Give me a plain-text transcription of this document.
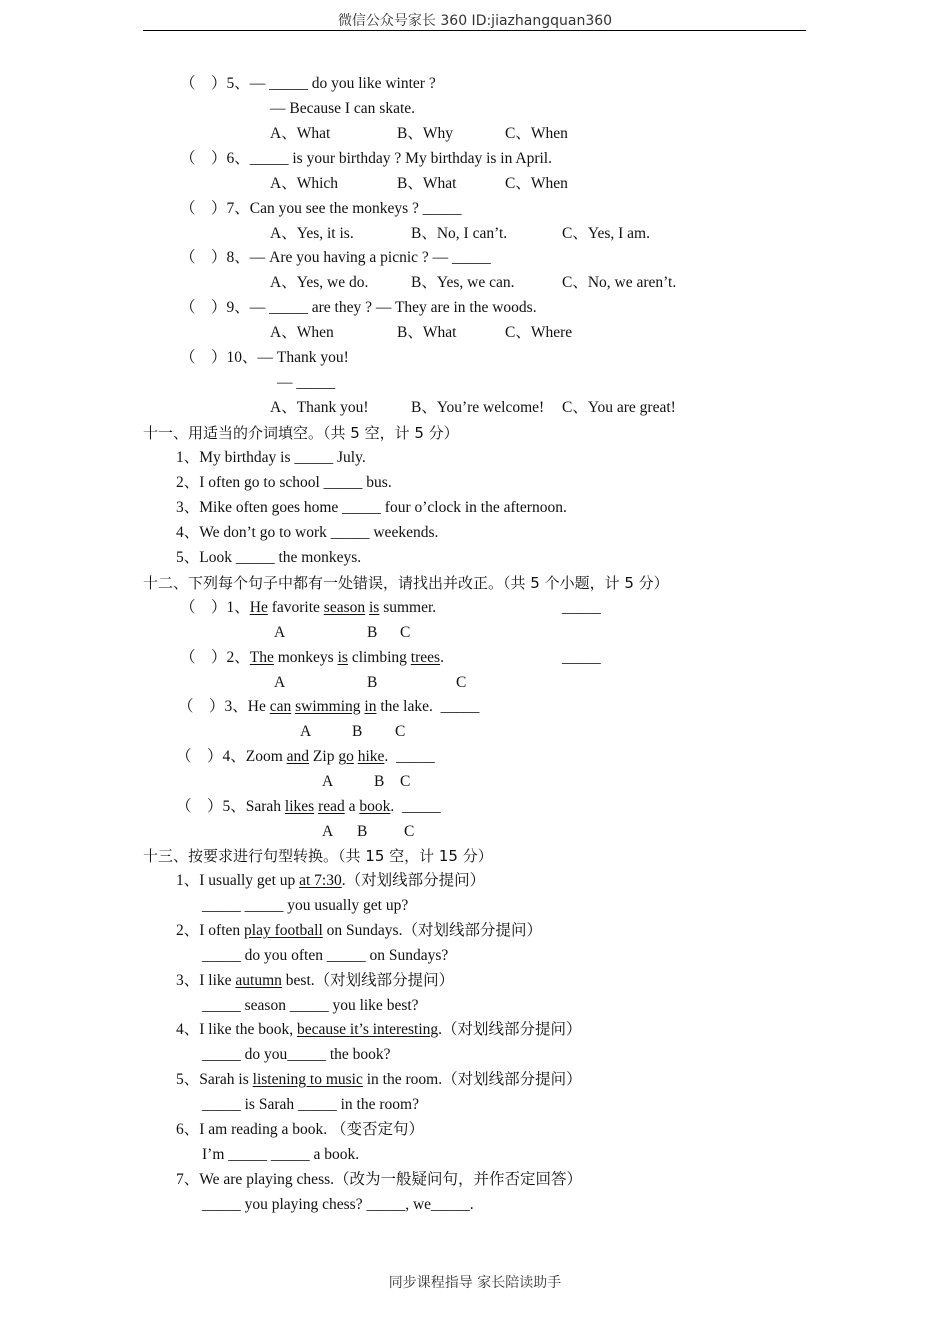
微信公众号家长 360 ID:jiazhangquan360
（　）5、— _____ do you like winter ?
— Because I can skate.
A、What	B、Why	C、When
（　）6、_____ is your birthday ? My birthday is in April.
A、Which	B、What	C、When
（　）7、Can you see the monkeys ? _____
A、Yes, it is.	B、No, I can’t.	C、Yes, I am.
（　）8、— Are you having a picnic ? — _____
A、Yes, we do.	B、Yes, we can.	C、No, we aren’t.
（　）9、— _____ are they ? — They are in the woods.
A、When	B、What	C、Where
（　）10、— Thank you!
— _____
A、Thank you!	B、You’re welcome! C、You are great!
十一、用适当的介词填空。（共 5 空，计 5 分）
1、My birthday is _____ July.
2、I often go to school _____ bus.
3、Mike often goes home _____ four o’clock in the afternoon.
4、We don’t go to work _____ weekends.
5、Look _____ the monkeys.
十二、下列每个句子中都有一处错误，请找出并改正。（共 5 个小题，计 5 分）
（　）1、He favorite season is summer.	_____
A	B C
（　）2、The monkeys is climbing trees.	_____
A	B	C
（　）3、He can swimming in the lake.  _____
A	B C
（　）4、Zoom and Zip go hike.  _____
A	B C
（　）5、Sarah likes read a book.  _____
A B C
十三、按要求进行句型转换。（共 15 空，计 15 分）
1、I usually get up at 7:30.（对划线部分提问）
_____ _____ you usually get up?
2、I often play football on Sundays.（对划线部分提问）
_____ do you often _____ on Sundays?
3、I like autumn best.（对划线部分提问）
_____ season _____ you like best?
4、I like the book, because it’s interesting.（对划线部分提问）
_____ do you_____ the book?
5、Sarah is listening to music in the room.（对划线部分提问）
_____ is Sarah _____ in the room?
6、I am reading a book. （变否定句）
I’m _____ _____ a book.
7、We are playing chess.（改为一般疑问句，并作否定回答）
_____ you playing chess? _____, we_____.
同步课程指导 家长陪读助手
